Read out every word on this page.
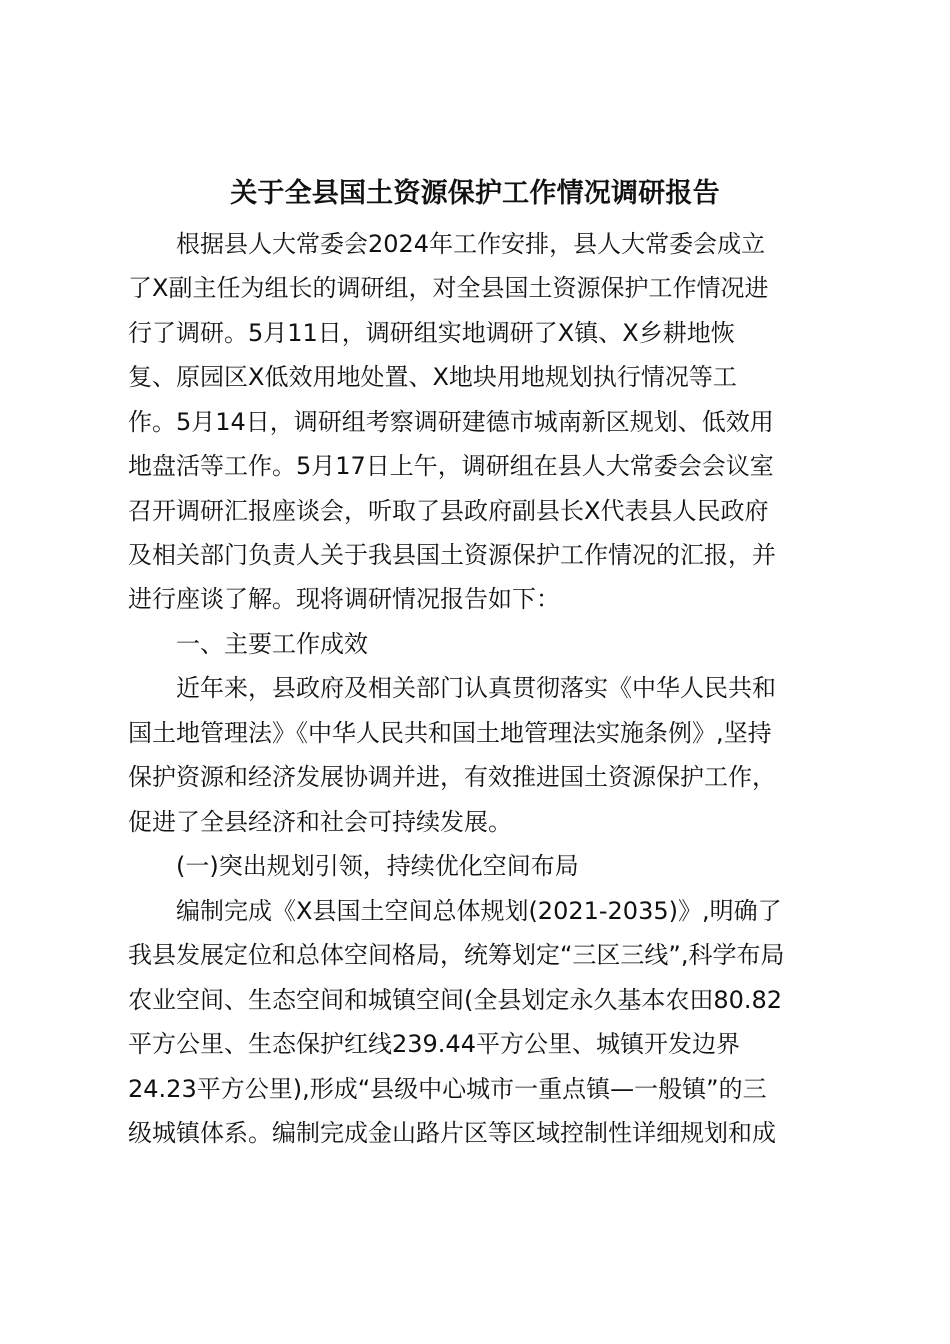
关于全县国土资源保护工作情况调研报告

根据县人大常委会2024年工作安排，县人大常委会成立

了X副主任为组长的调研组，对全县国土资源保护工作情况进

行了调研。5月11日，调研组实地调研了X镇、X乡耕地恢

复、原园区X低效用地处置、X地块用地规划执行情况等工

作。5月14日，调研组考察调研建德市城南新区规划、低效用

地盘活等工作。5月17日上午，调研组在县人大常委会会议室

召开调研汇报座谈会，听取了县政府副县长X代表县人民政府

及相关部门负责人关于我县国土资源保护工作情况的汇报，并

进行座谈了解。现将调研情况报告如下：

一、主要工作成效

近年来，县政府及相关部门认真贯彻落实《中华人民共和

国土地管理法》《中华人民共和国土地管理法实施条例》,坚持

保护资源和经济发展协调并进，有效推进国土资源保护工作，

促进了全县经济和社会可持续发展。

(一)突出规划引领，持续优化空间布局

编制完成《X县国土空间总体规划(2021-2035)》,明确了

我县发展定位和总体空间格局，统筹划定“三区三线”,科学布局

农业空间、生态空间和城镇空间(全县划定永久基本农田80.82

平方公里、生态保护红线239.44平方公里、城镇开发边界

24.23平方公里),形成“县级中心城市一重点镇—一般镇”的三

级城镇体系。编制完成金山路片区等区域控制性详细规划和成
